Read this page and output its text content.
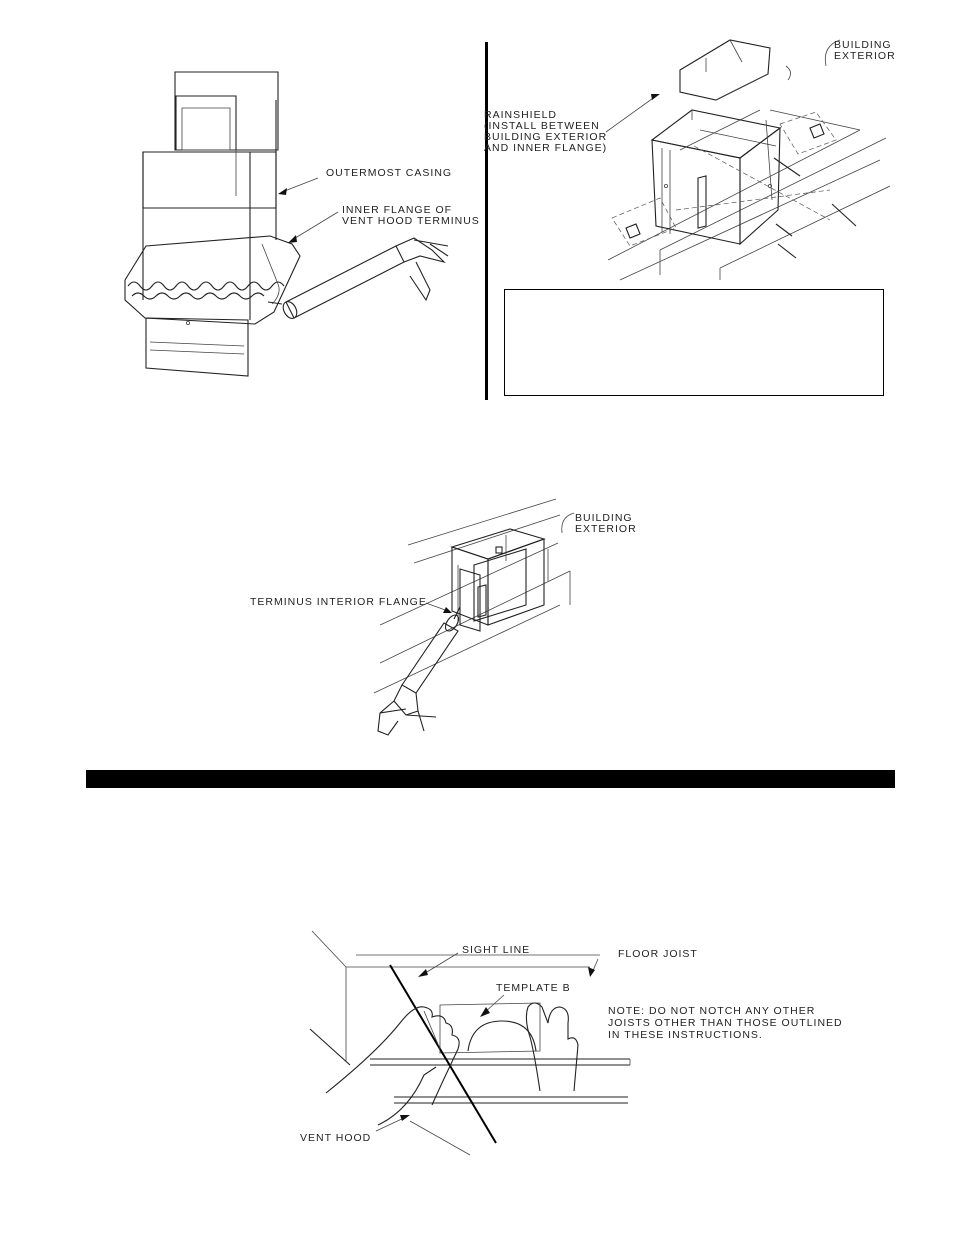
OUTERMOST CASING
INNER FLANGE OF
VENT HOOD TERMINUS
BUILDING
EXTERIOR
RAINSHIELD
(INSTALL BETWEEN
BUILDING EXTERIOR
AND INNER FLANGE)
BUILDING
EXTERIOR
TERMINUS INTERIOR FLANGE
SIGHT LINE	FLOOR JOIST
TEMPLATE B
NOTE: DO NOT NOTCH ANY OTHER
JOISTS OTHER THAN THOSE OUTLINED
IN THESE INSTRUCTIONS.
VENT HOOD
